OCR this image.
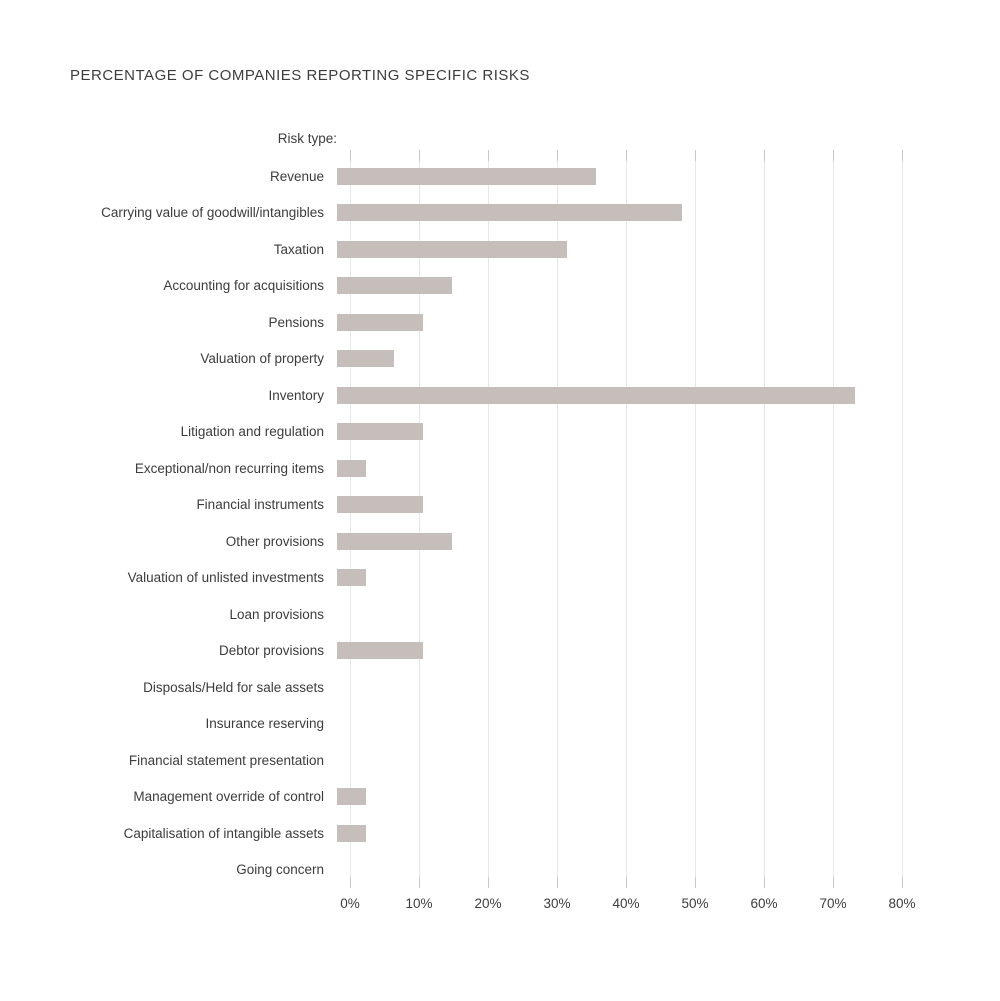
PERCENTAGE OF COMPANIES REPORTING SPECIFIC RISKS
Risk type:
Revenue
Carrying value of goodwill/intangibles
Taxation
Accounting for acquisitions
Pensions
Valuation of property
Inventory
Litigation and regulation
Exceptional/non recurring items
Financial instruments
Other provisions
Valuation of unlisted investments
Loan provisions
Debtor provisions
Disposals/Held for sale assets
Insurance reserving
Financial statement presentation
Management override of control
Capitalisation of intangible assets
Going concern
0%	10%	20%	30%	40%	50%	60%	70%	80%
